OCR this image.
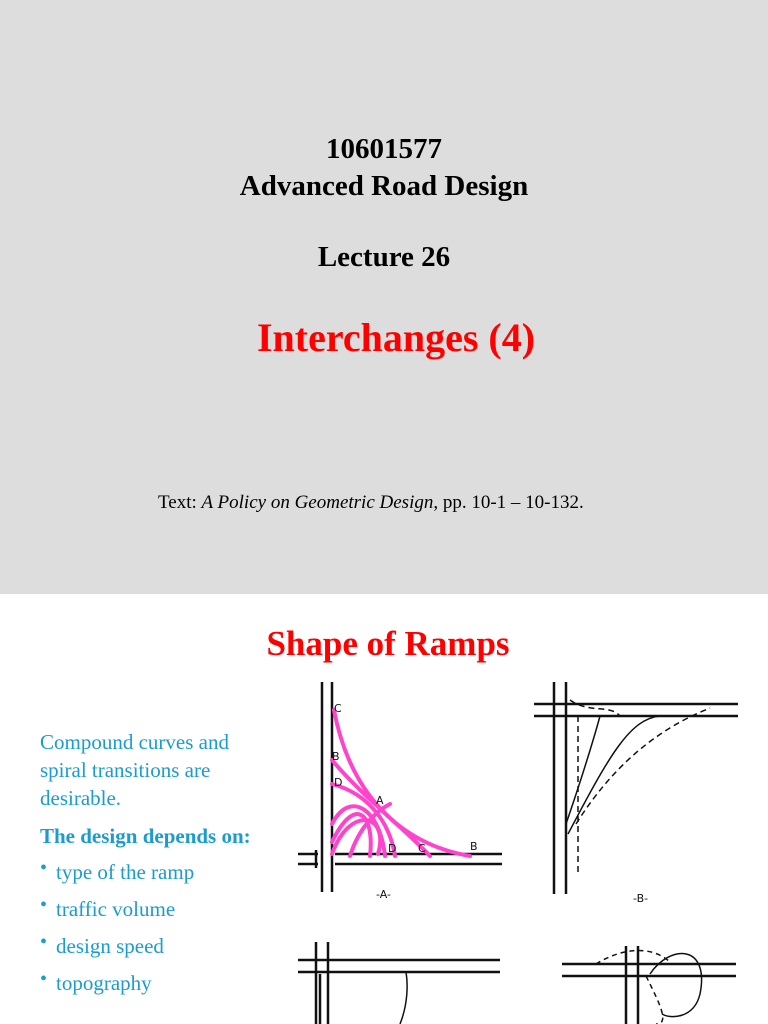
10601577
Advanced Road Design
Lecture 26
Interchanges (4)
Text: A Policy on Geometric Design, pp. 10-1 – 10-132.
Shape of Ramps
Compound curves and spiral transitions are desirable.
The design depends on:
• type of the ramp
• traffic volume
• design speed
• topography
C
B
D
A
D C	B
-A-	-B-
